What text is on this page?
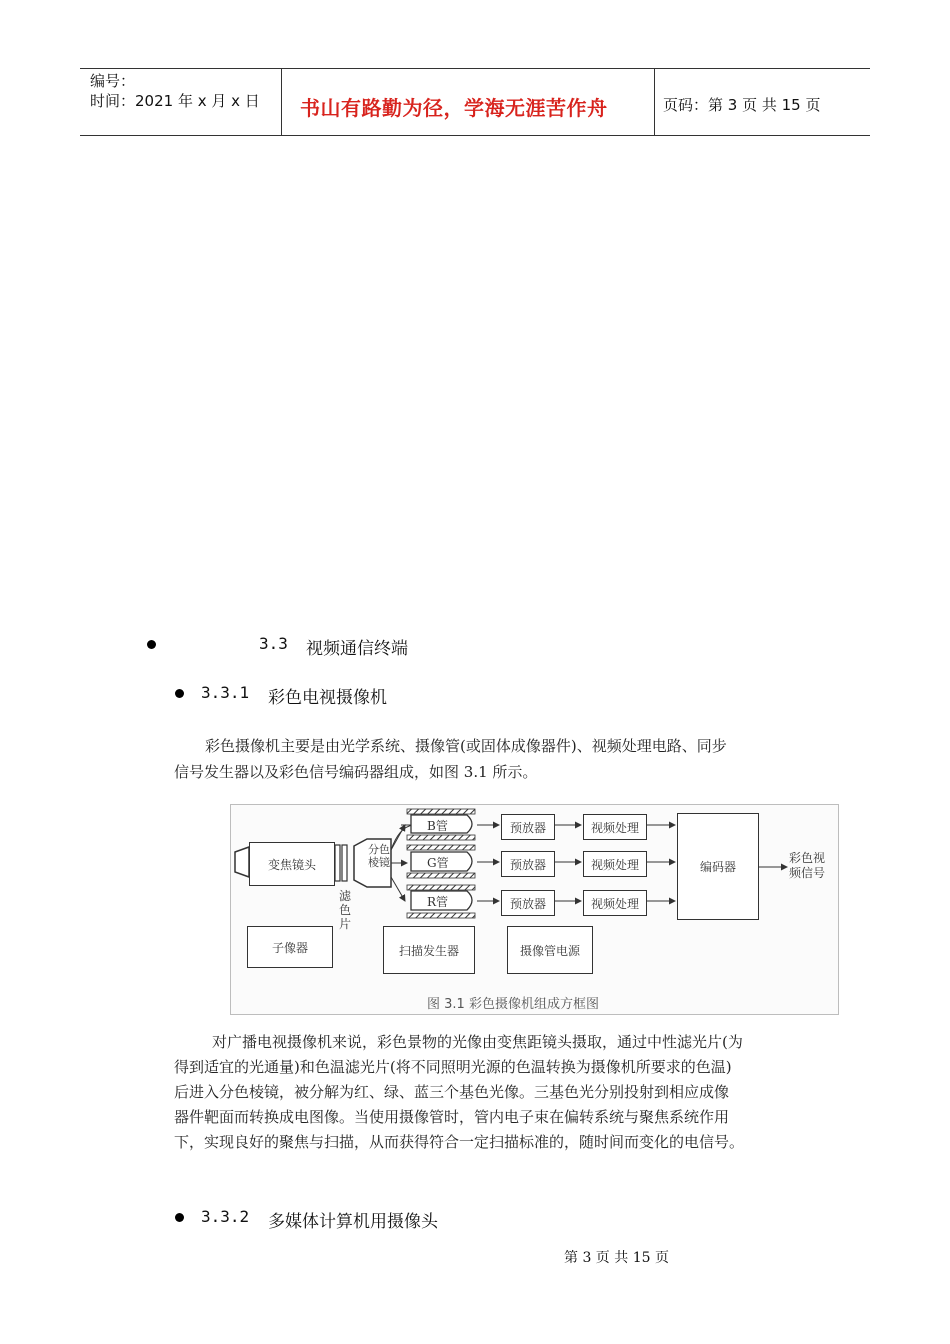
编号：
时间：2021 年 x 月 x 日 书山有路勤为径，学海无涯苦作舟	页码：第 3 页 共 15 页
3.3 视频通信终端
3.3.1 彩色电视摄像机
彩色摄像机主要是由光学系统、摄像管(或固体成像器件)、视频处理电路、同步
信号发生器以及彩色信号编码器组成，如图 3.1 所示。
变焦镜头
滤色片
分色棱镜
B管
G管
R管
预放器
预放器
预放器
视频处理
视频处理
视频处理
编码器
彩色视频信号
子像器	扫描发生器	摄像管电源
图 3.1 彩色摄像机组成方框图
对广播电视摄像机来说，彩色景物的光像由变焦距镜头摄取，通过中性滤光片(为
得到适宜的光通量)和色温滤光片(将不同照明光源的色温转换为摄像机所要求的色温)
后进入分色棱镜，被分解为红、绿、蓝三个基色光像。三基色光分别投射到相应成像
器件靶面而转换成电图像。当使用摄像管时，管内电子束在偏转系统与聚焦系统作用
下，实现良好的聚焦与扫描，从而获得符合一定扫描标准的，随时间而变化的电信号。
3.3.2 多媒体计算机用摄像头
第 3 页 共 15 页
